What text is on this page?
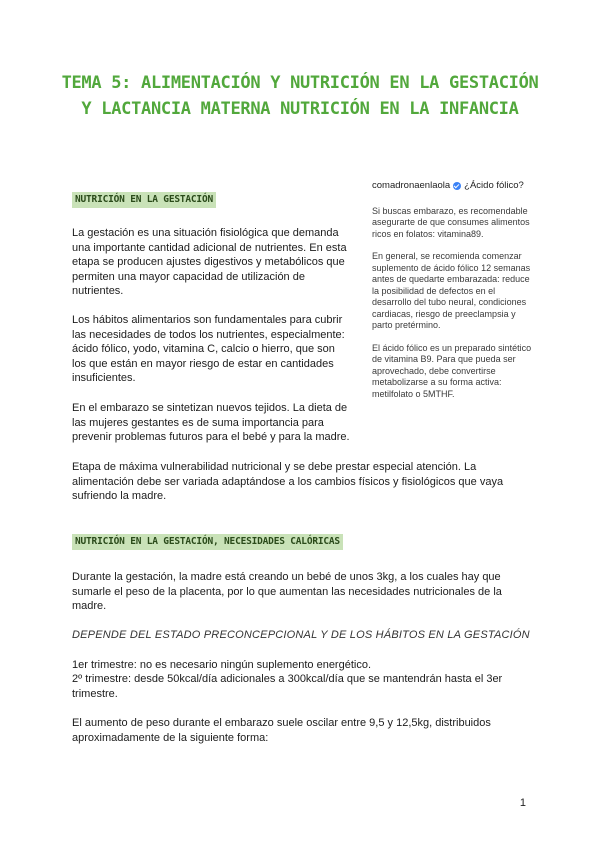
TEMA 5: ALIMENTACIÓN Y NUTRICIÓN EN LA GESTACIÓN Y LACTANCIA MATERNA NUTRICIÓN EN LA INFANCIA
NUTRICIÓN EN LA GESTACIÓN

La gestación es una situación fisiológica que demanda una importante cantidad adicional de nutrientes. En esta etapa se producen ajustes digestivos y metabólicos que permiten una mayor capacidad de utilización de nutrientes.

Los hábitos alimentarios son fundamentales para cubrir las necesidades de todos los nutrientes, especialmente: ácido fólico, yodo, vitamina C, calcio o hierro, que son los que están en mayor riesgo de estar en cantidades insuficientes.

En el embarazo se sintetizan nuevos tejidos. La dieta de las mujeres gestantes es de suma importancia para prevenir problemas futuros para el bebé y para la madre.

Etapa de máxima vulnerabilidad nutricional y se debe prestar especial atención. La alimentación debe ser variada adaptándose a los cambios físicos y fisiológicos que vaya sufriendo la madre.

comadronaenlaola ¿Ácido fólico?

Si buscas embarazo, es recomendable asegurarte de que consumes alimentos ricos en folatos: vitamina89.

En general, se recomienda comenzar suplemento de ácido fólico 12 semanas antes de quedarte embarazada: reduce la posibilidad de defectos en el desarrollo del tubo neural, condiciones cardiacas, riesgo de preeclampsia y parto pretérmino.

El ácido fólico es un preparado sintético de vitamina B9. Para que pueda ser aprovechado, debe convertirse metabolizarse a su forma activa: metilfolato o 5MTHF.

NUTRICIÓN EN LA GESTACIÓN, NECESIDADES CALÓRICAS

Durante la gestación, la madre está creando un bebé de unos 3kg, a los cuales hay que sumarle el peso de la placenta, por lo que aumentan las necesidades nutricionales de la madre.

DEPENDE DEL ESTADO PRECONCEPCIONAL Y DE LOS HÁBITOS EN LA GESTACIÓN

1er trimestre: no es necesario ningún suplemento energético.

2º trimestre: desde 50kcal/día adicionales a 300kcal/día que se mantendrán hasta el 3er trimestre.

El aumento de peso durante el embarazo suele oscilar entre 9,5 y 12,5kg, distribuidos aproximadamente de la siguiente forma:

1
